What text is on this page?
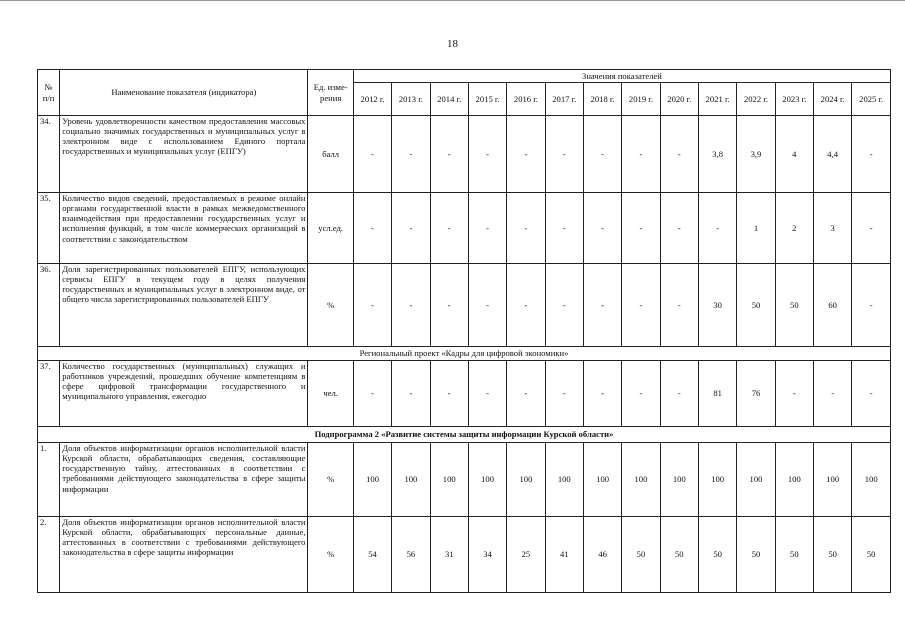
18
№ п/п	Наименование показателя (индикатора)	Ед. изме-рения	Значения показателей													
			2012 г.	2013 г.	2014 г.	2015 г.	2016 г.	2017 г.	2018 г.	2019 г.	2020 г.	2021 г.	2022 г.	2023 г.	2024 г.	2025 г.
34.	Уровень удовлетворенности качеством предоставления массовых социально значимых государственных и муниципальных услуг в электронном виде с использованием Единого портала государственных и муниципальных услуг (ЕПГУ)	балл	-	-	-	-	-	-	-	-	-	3,8	3,9	4	4,4	-
35.	Количество видов сведений, предоставляемых в режиме онлайн органами государственной власти в рамках межведомственного взаимодействия при предоставлении государственных услуг и исполнения функций, в том числе коммерческих организаций в соответствии с законодательством	усл.ед.	-	-	-	-	-	-	-	-	-	-	1	2	3	-
36.	Доля зарегистрированных пользователей ЕПГУ, использующих сервисы ЕПГУ в текущем году в целях получения государственных и муниципальных услуг в электронном виде, от общего числа зарегистрированных пользователей ЕПГУ	%	-	-	-	-	-	-	-	-	-	30	50	50	60	-
Региональный проект «Кадры для цифровой экономики»																
37.	Количество государственных (муниципальных) служащих и работников учреждений, прошедших обучение компетенциям в сфере цифровой трансформации государственного и муниципального управления, ежегодно	чел.	-	-	-	-	-	-	-	-	-	81	76	-	-	-
Подпрограмма 2 «Развитие системы защиты информации Курской области»																
1.	Доля объектов информатизации органов исполнительной власти Курской области, обрабатывающих сведения, составляющие государственную тайну, аттестованных в соответствии с требованиями действующего законодательства в сфере защиты информации	%	100	100	100	100	100	100	100	100	100	100	100	100	100	100
2.	Доля объектов информатизации органов исполнительной власти Курской области, обрабатывающих персональные данные, аттестованных в соответствии с требованиями действующего законодательства в сфере защиты информации	%	54	56	31	34	25	41	46	50	50	50	50	50	50	50
